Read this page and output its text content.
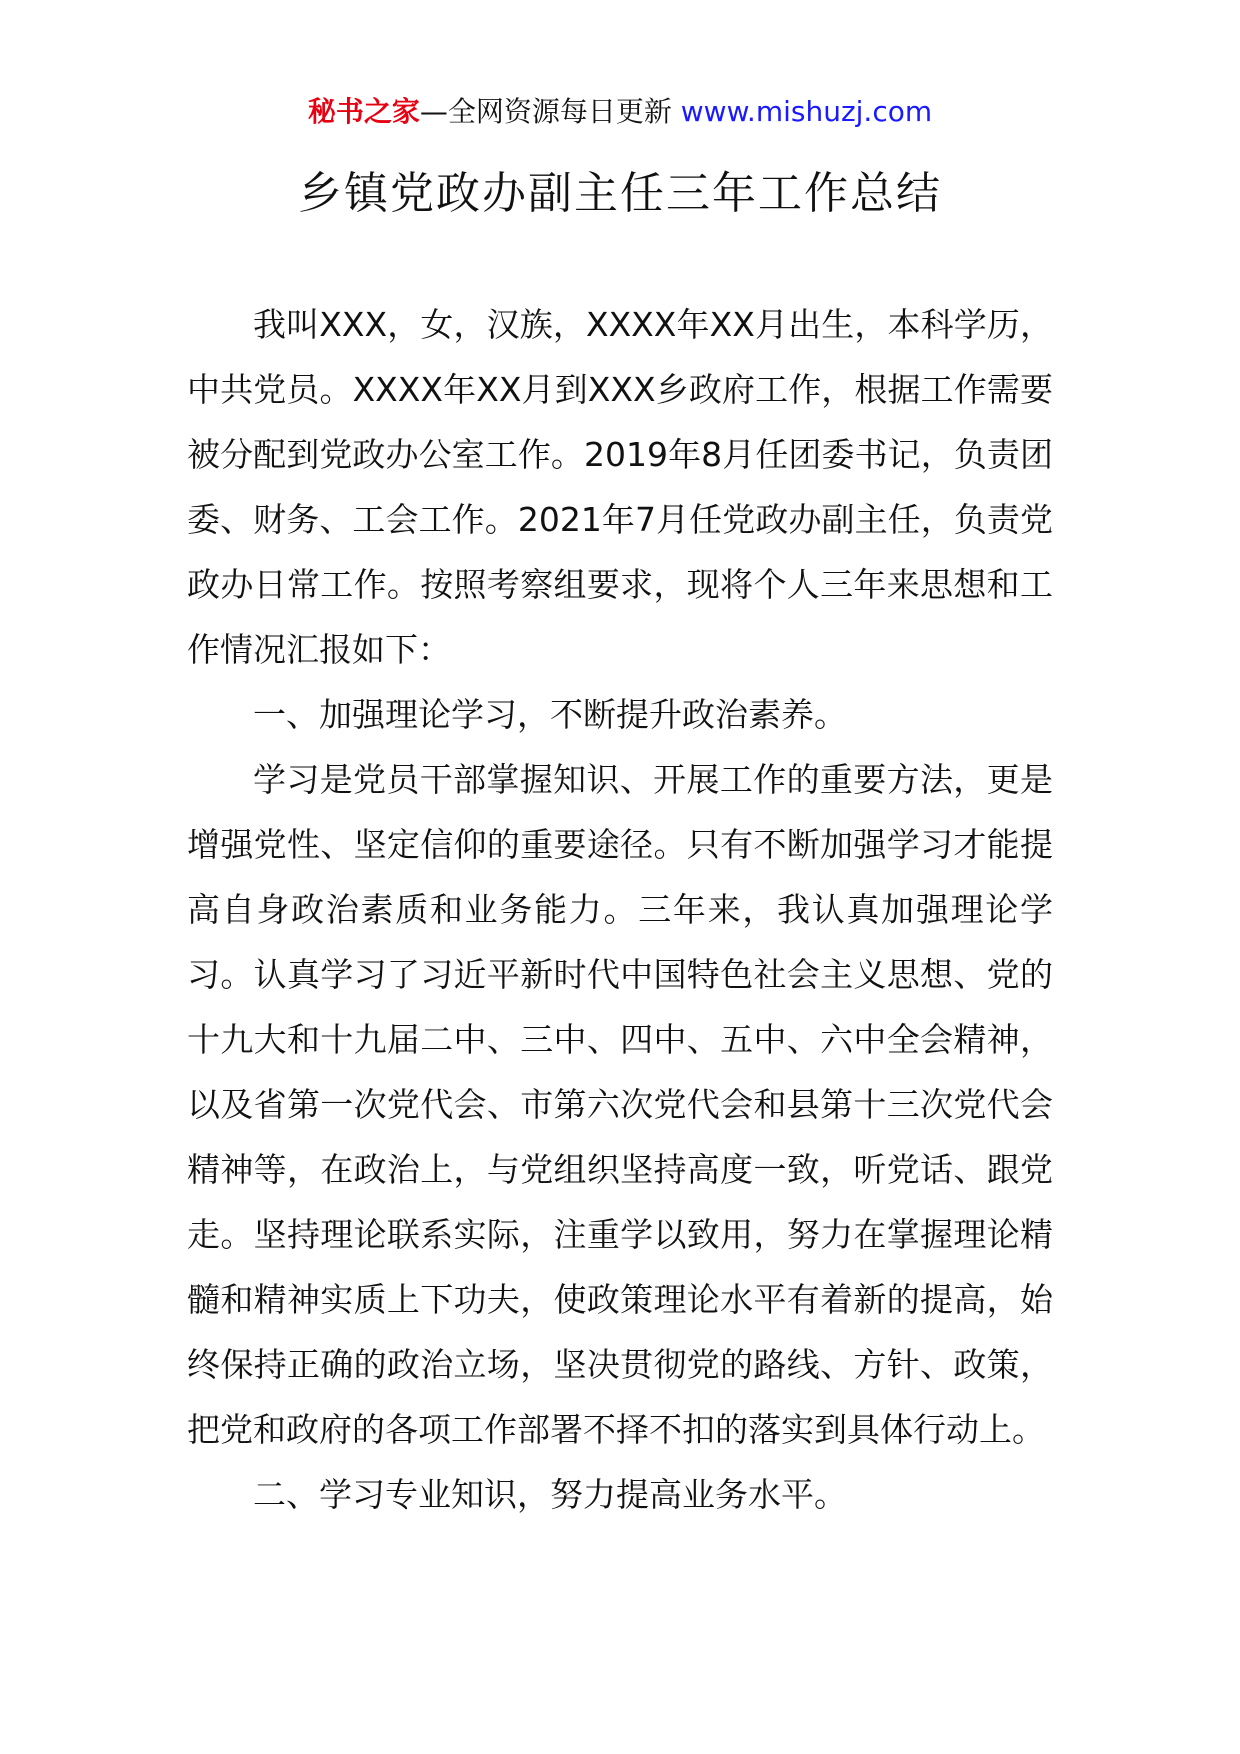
秘书之家—全网资源每日更新 www.mishuzj.com
乡镇党政办副主任三年工作总结

我叫XXX，女，汉族，XXXX年XX月出生，本科学历，中共党员。XXXX年XX月到XXX乡政府工作，根据工作需要被分配到党政办公室工作。2019年8月任团委书记，负责团委、财务、工会工作。2021年7月任党政办副主任，负责党政办日常工作。按照考察组要求，现将个人三年来思想和工作情况汇报如下：

一、加强理论学习，不断提升政治素养。

学习是党员干部掌握知识、开展工作的重要方法，更是增强党性、坚定信仰的重要途径。只有不断加强学习才能提高自身政治素质和业务能力。三年来，我认真加强理论学习。认真学习了习近平新时代中国特色社会主义思想、党的十九大和十九届二中、三中、四中、五中、六中全会精神，以及省第一次党代会、市第六次党代会和县第十三次党代会精神等，在政治上，与党组织坚持高度一致，听党话、跟党走。坚持理论联系实际，注重学以致用，努力在掌握理论精髓和精神实质上下功夫，使政策理论水平有着新的提高，始终保持正确的政治立场，坚决贯彻党的路线、方针、政策，把党和政府的各项工作部署不择不扣的落实到具体行动上。

二、学习专业知识，努力提高业务水平。
